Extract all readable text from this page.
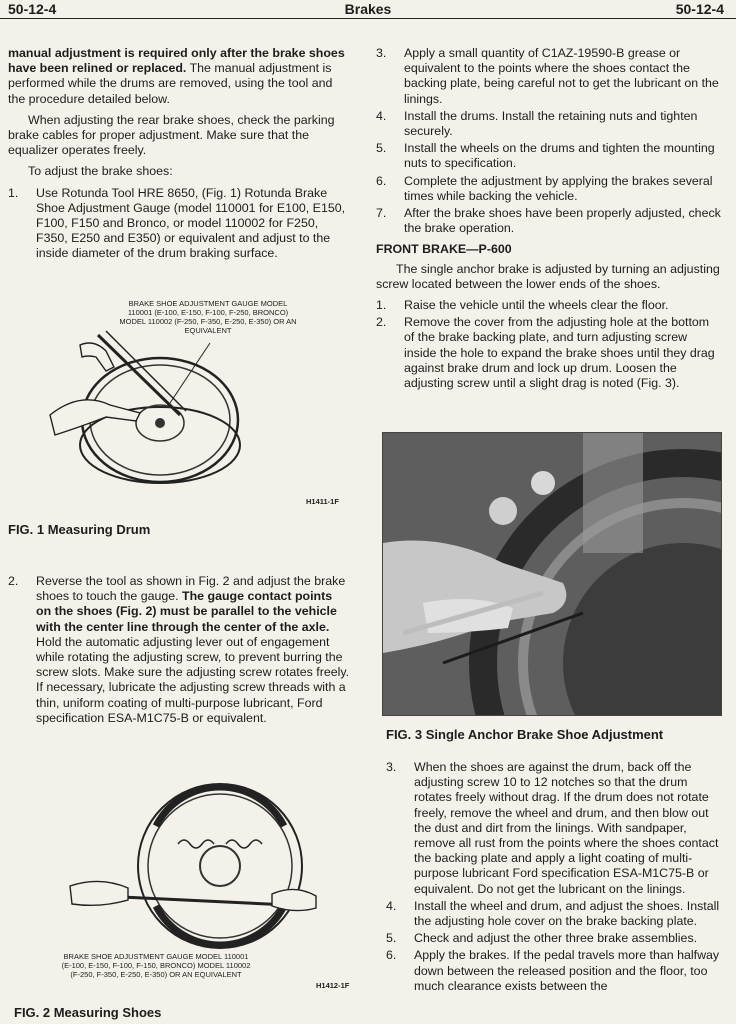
50-12-4	Brakes	50-12-4

manual adjustment is required only after the brake shoes have been relined or replaced. The manual adjustment is performed while the drums are removed, using the tool and the procedure detailed below.

When adjusting the rear brake shoes, check the parking brake cables for proper adjustment. Make sure that the equalizer operates freely.

To adjust the brake shoes:

1. Use Rotunda Tool HRE 8650, (Fig. 1) Rotunda Brake Shoe Adjustment Gauge (model 110001 for E100, E150, F100, F150 and Bronco, or model 110002 for F250, F350, E250 and E350) or equivalent and adjust to the inside diameter of the drum braking surface.
BRAKE SHOE ADJUSTMENT GAUGE MODEL 110001 (E-100, E-150, F-100, F-250, BRONCO) MODEL 110002 (F-250, F-350, E-250, E-350) OR AN EQUIVALENT
H1411-1F
FIG. 1 Measuring Drum
2. Reverse the tool as shown in Fig. 2 and adjust the brake shoes to touch the gauge. The gauge contact points on the shoes (Fig. 2) must be parallel to the vehicle with the center line through the center of the axle. Hold the automatic adjusting lever out of engagement while rotating the adjusting screw, to prevent burring the screw slots. Make sure the adjusting screw rotates freely. If necessary, lubricate the adjusting screw threads with a thin, uniform coating of multi-purpose lubricant, Ford specification ESA-M1C75-B or equivalent.
BRAKE SHOE ADJUSTMENT GAUGE MODEL 110001 (E-100, E-150, F-100, F-150, BRONCO) MODEL 110002 (F-250, F-350, E-250, E-350) OR AN EQUIVALENT
H1412-1F
FIG. 2 Measuring Shoes
3. Apply a small quantity of C1AZ-19590-B grease or equivalent to the points where the shoes contact the backing plate, being careful not to get the lubricant on the linings.
4. Install the drums. Install the retaining nuts and tighten securely.
5. Install the wheels on the drums and tighten the mounting nuts to specification.
6. Complete the adjustment by applying the brakes several times while backing the vehicle.
7. After the brake shoes have been properly adjusted, check the brake operation.
FRONT BRAKE—P-600

The single anchor brake is adjusted by turning an adjusting screw located between the lower ends of the shoes.

1. Raise the vehicle until the wheels clear the floor.
2. Remove the cover from the adjusting hole at the bottom of the brake backing plate, and turn adjusting screw inside the hole to expand the brake shoes until they drag against brake drum and lock up drum. Loosen the adjusting screw until a slight drag is noted (Fig. 3).
FIG. 3 Single Anchor Brake Shoe Adjustment
3. When the shoes are against the drum, back off the adjusting screw 10 to 12 notches so that the drum rotates freely without drag. If the drum does not rotate freely, remove the wheel and drum, and then blow out the dust and dirt from the linings. With sandpaper, remove all rust from the points where the shoes contact the backing plate and apply a light coating of multi-purpose lubricant Ford specification ESA-M1C75-B or equivalent. Do not get the lubricant on the linings.
4. Install the wheel and drum, and adjust the shoes. Install the adjusting hole cover on the brake backing plate.
5. Check and adjust the other three brake assemblies.
6. Apply the brakes. If the pedal travels more than halfway down between the released position and the floor, too much clearance exists between the
